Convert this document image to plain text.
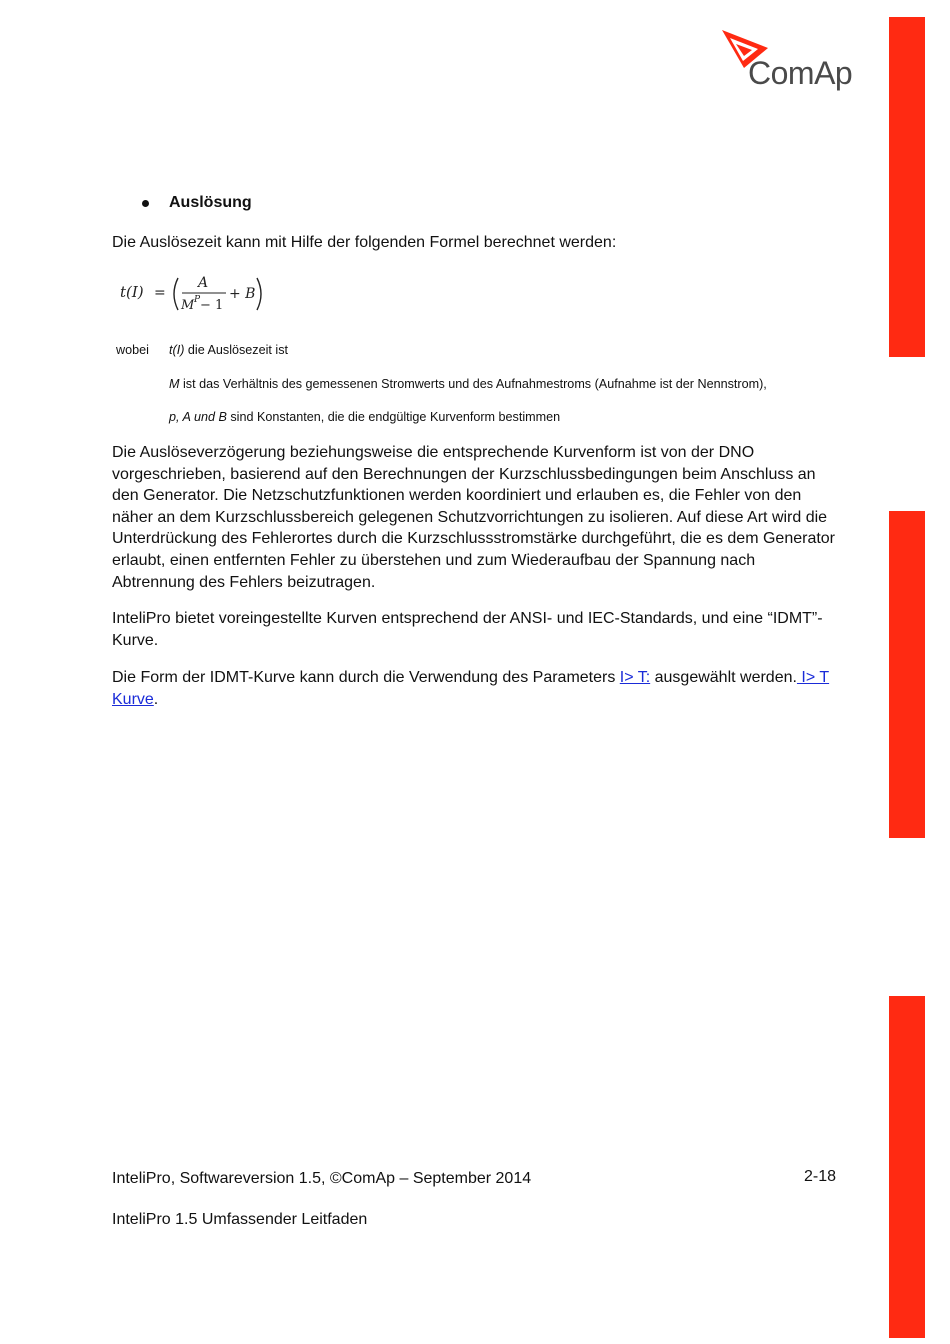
ComAp
Auslösung
Die Auslösezeit kann mit Hilfe der folgenden Formel berechnet werden:
t(I) =
A
M P − 1
+ B
wobei t(I) die Auslösezeit ist
M ist das Verhältnis des gemessenen Stromwerts und des Aufnahmestroms (Aufnahme ist der Nennstrom),
p, A und B sind Konstanten, die die endgültige Kurvenform bestimmen
Die Auslöseverzögerung beziehungsweise die entsprechende Kurvenform ist von der DNO vorgeschrieben, basierend auf den Berechnungen der Kurzschlussbedingungen beim Anschluss an den Generator. Die Netzschutzfunktionen werden koordiniert und erlauben es, die Fehler von den näher an dem Kurzschlussbereich gelegenen Schutzvorrichtungen zu isolieren. Auf diese Art wird die Unterdrückung des Fehlerortes durch die Kurzschlussstromstärke durchgeführt, die es dem Generator erlaubt, einen entfernten Fehler zu überstehen und zum Wiederaufbau der Spannung nach Abtrennung des Fehlers beizutragen.
InteliPro bietet voreingestellte Kurven entsprechend der ANSI- und IEC-Standards, und eine “IDMT”-Kurve.
Die Form der IDMT-Kurve kann durch die Verwendung des Parameters I> T: ausgewählt werden. I> T Kurve.
InteliPro, Softwareversion 1.5, ©ComAp – September 2014	2-18
InteliPro 1.5 Umfassender Leitfaden
